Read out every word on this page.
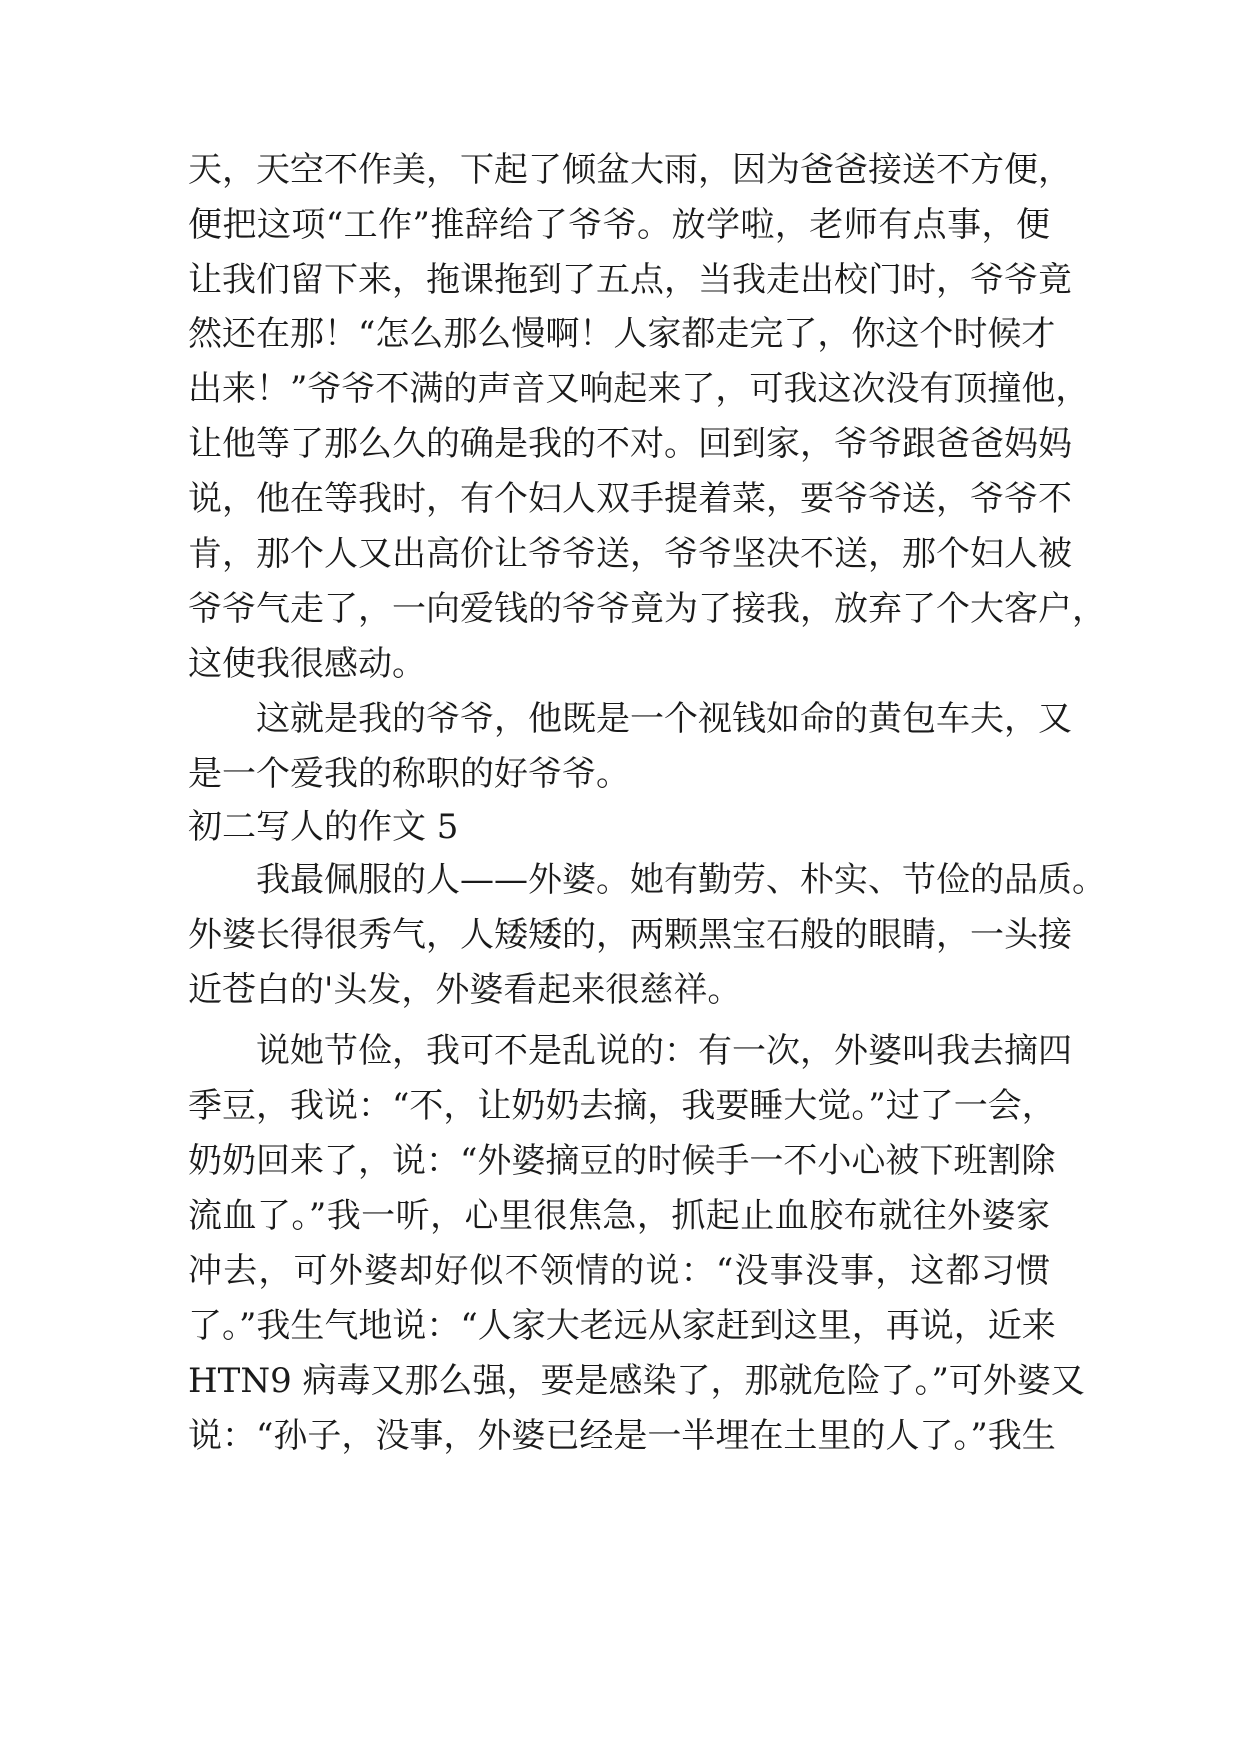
天，天空不作美，下起了倾盆大雨，因为爸爸接送不方便，
便把这项“工作”推辞给了爷爷。放学啦，老师有点事，便
让我们留下来，拖课拖到了五点，当我走出校门时，爷爷竟
然还在那！“怎么那么慢啊！人家都走完了，你这个时候才
出来！”爷爷不满的声音又响起来了，可我这次没有顶撞他，
让他等了那么久的确是我的不对。回到家，爷爷跟爸爸妈妈
说，他在等我时，有个妇人双手提着菜，要爷爷送，爷爷不
肯，那个人又出高价让爷爷送，爷爷坚决不送，那个妇人被
爷爷气走了，一向爱钱的爷爷竟为了接我，放弃了个大客户，
这使我很感动。
这就是我的爷爷，他既是一个视钱如命的黄包车夫，又
是一个爱我的称职的好爷爷。
初二写人的作文 5
我最佩服的人——外婆。她有勤劳、朴实、节俭的品质。
外婆长得很秀气，人矮矮的，两颗黑宝石般的眼睛，一头接
近苍白的'头发，外婆看起来很慈祥。
说她节俭，我可不是乱说的：有一次，外婆叫我去摘四
季豆，我说：“不，让奶奶去摘，我要睡大觉。”过了一会，
奶奶回来了，说：“外婆摘豆的时候手一不小心被下班割除
流血了。”我一听，心里很焦急，抓起止血胶布就往外婆家
冲去，可外婆却好似不领情的说：“没事没事，这都习惯
了。”我生气地说：“人家大老远从家赶到这里，再说，近来
HTN9 病毒又那么强，要是感染了，那就危险了。”可外婆又
说：“孙子，没事，外婆已经是一半埋在土里的人了。”我生
